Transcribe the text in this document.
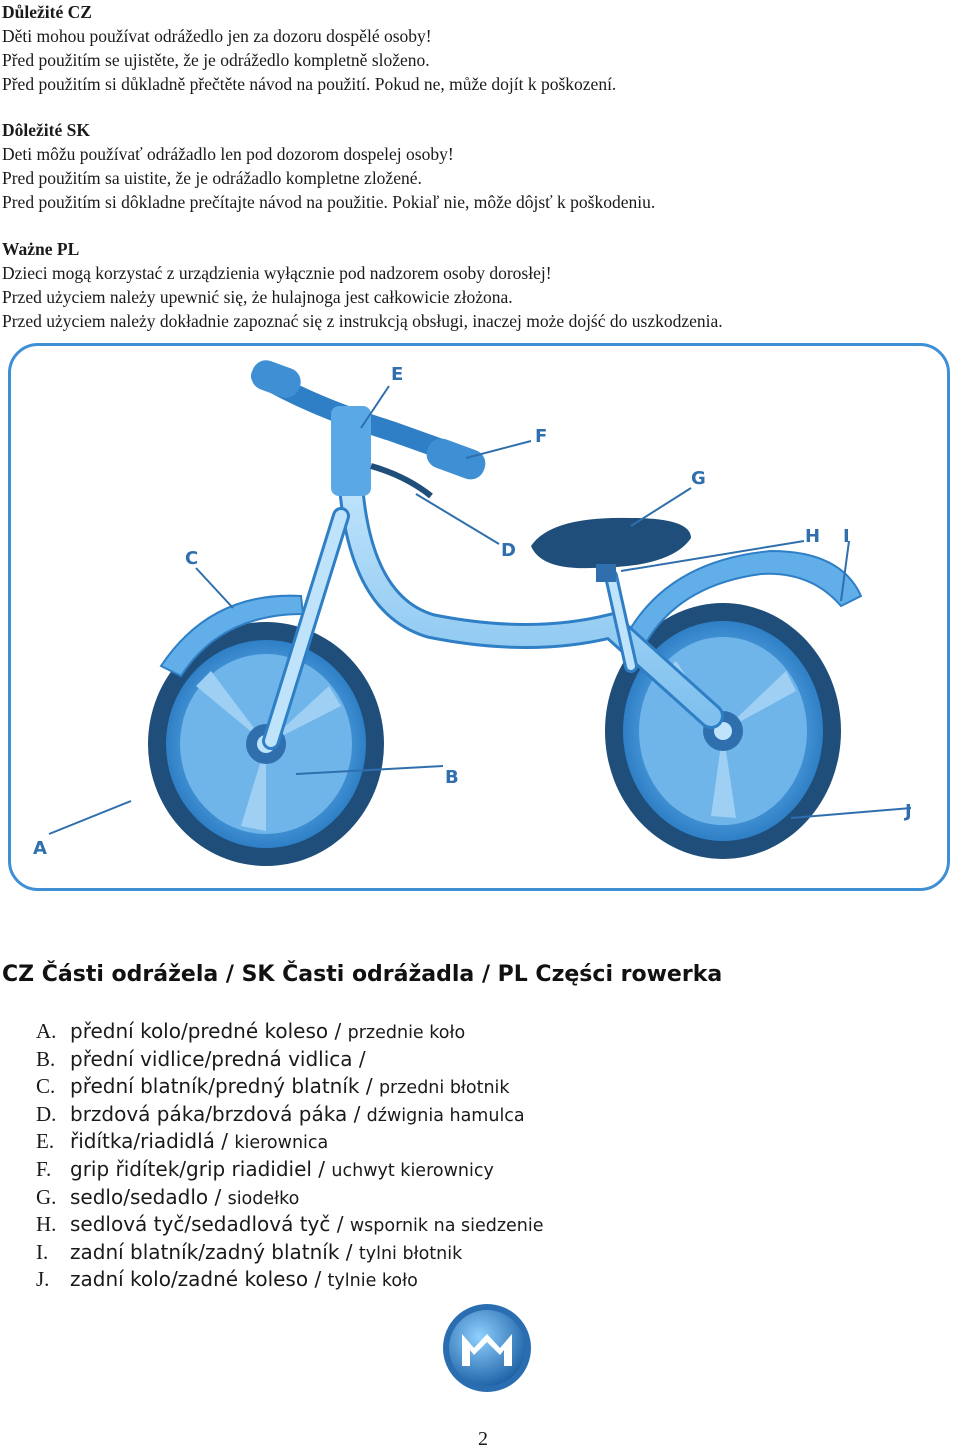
Důležité CZ
Děti mohou používat odrážedlo jen za dozoru dospělé osoby!
Před použitím se ujistěte, že je odrážedlo kompletně složeno.
Před použitím si důkladně přečtěte návod na použití. Pokud ne, může dojít k poškození.
Dôležité SK
Deti môžu používať odrážadlo len pod dozorom dospelej osoby!
Pred použitím sa uistite, že je odrážadlo kompletne zložené.
Pred použitím si dôkladne prečítajte návod na použitie. Pokiaľ nie, môže dôjsť k poškodeniu.
Ważne PL
Dzieci mogą korzystać z urządzienia wyłącznie pod nadzorem osoby dorosłej!
Przed użyciem należy upewnić się, że hulajnoga jest całkowicie złożona.
Przed użyciem należy dokładnie zapoznać się z instrukcją obsługi, inaczej może dojść do uszkodzenia.
A
B
C	D
E
F
G
H I
J
CZ Části odrážela / SK Časti odrážadla / PL Części rowerka
A. přední kolo/predné koleso / przednie koło
B. přední vidlice/predná vidlica /
C. přední blatník/predný blatník / przedni błotnik
D. brzdová páka/brzdová páka / dźwignia hamulca
E. řidítka/riadidlá / kierownica
F. grip řidítek/grip riadidiel / uchwyt kierownicy
G. sedlo/sedadlo / siodełko
H. sedlová tyč/sedadlová tyč / wspornik na siedzenie
I. zadní blatník/zadný blatník / tylni błotnik
J. zadní kolo/zadné koleso / tylnie koło
2
